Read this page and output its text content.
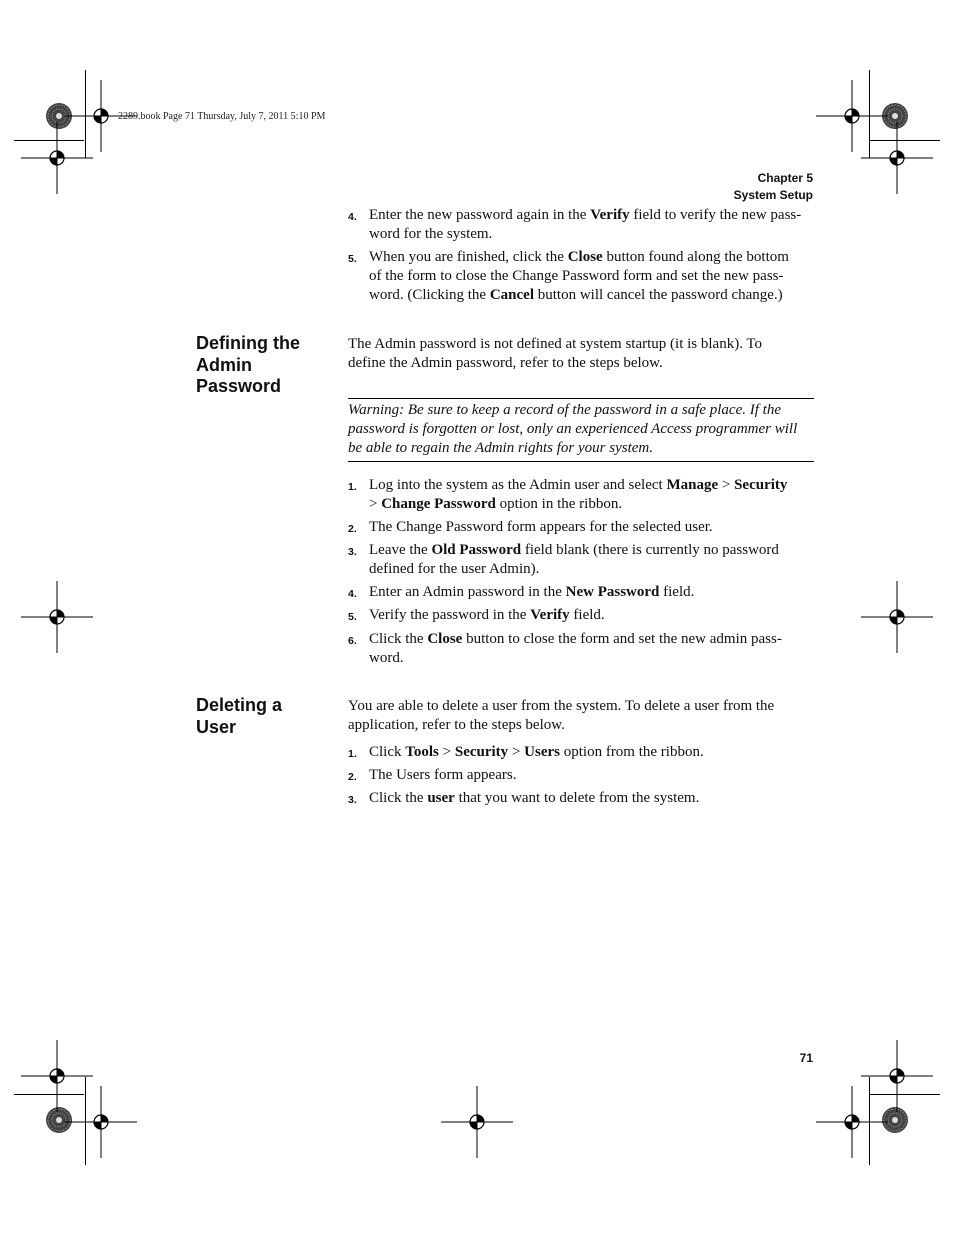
2289.book Page 71 Thursday, July 7, 2011 5:10 PM
Chapter 5
System Setup
4. Enter the new password again in the Verify field to verify the new pass-
word for the system.
5. When you are finished, click the Close button found along the bottom
of the form to close the Change Password form and set the new pass-
word. (Clicking the Cancel button will cancel the password change.)
Defining the
Admin
Password
The Admin password is not defined at system startup (it is blank). To
define the Admin password, refer to the steps below.
Warning: Be sure to keep a record of the password in a safe place. If the
password is forgotten or lost, only an experienced Access programmer will
be able to regain the Admin rights for your system.
1. Log into the system as the Admin user and select Manage > Security
> Change Password option in the ribbon.
2. The Change Password form appears for the selected user.
3. Leave the Old Password field blank (there is currently no password
defined for the user Admin).
4. Enter an Admin password in the New Password field.
5. Verify the password in the Verify field.
6. Click the Close button to close the form and set the new admin pass-
word.
Deleting a
User
You are able to delete a user from the system. To delete a user from the
application, refer to the steps below.
1. Click Tools > Security > Users option from the ribbon.
2. The Users form appears.
3. Click the user that you want to delete from the system.
71
